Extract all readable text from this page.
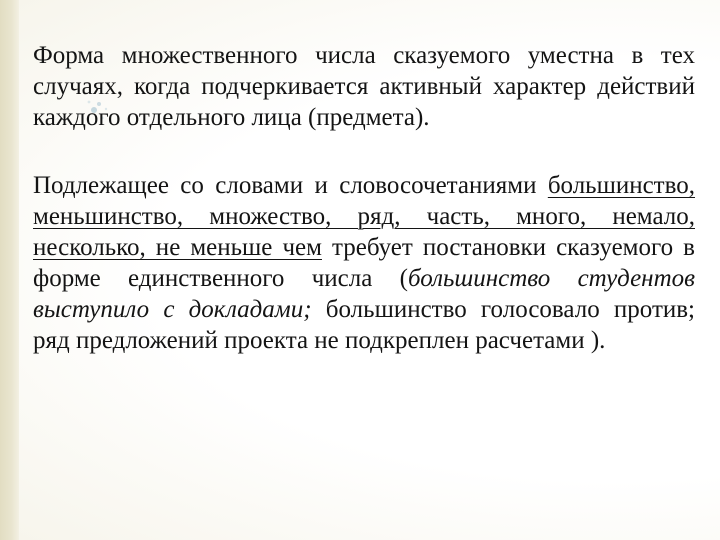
Форма множественного числа сказуемого уместна в тех случаях, когда подчеркивается активный характер действий каждого отдельного лица (предмета).

Подлежащее со словами и словосочетаниями большинство, меньшинство, множество, ряд, часть, много, немало, несколько, не меньше чем требует постановки сказуемого в форме единственного числа (большинство студентов выступило с докладами; большинство голосовало против; ряд предложений проекта не подкреплен расчетами ).
